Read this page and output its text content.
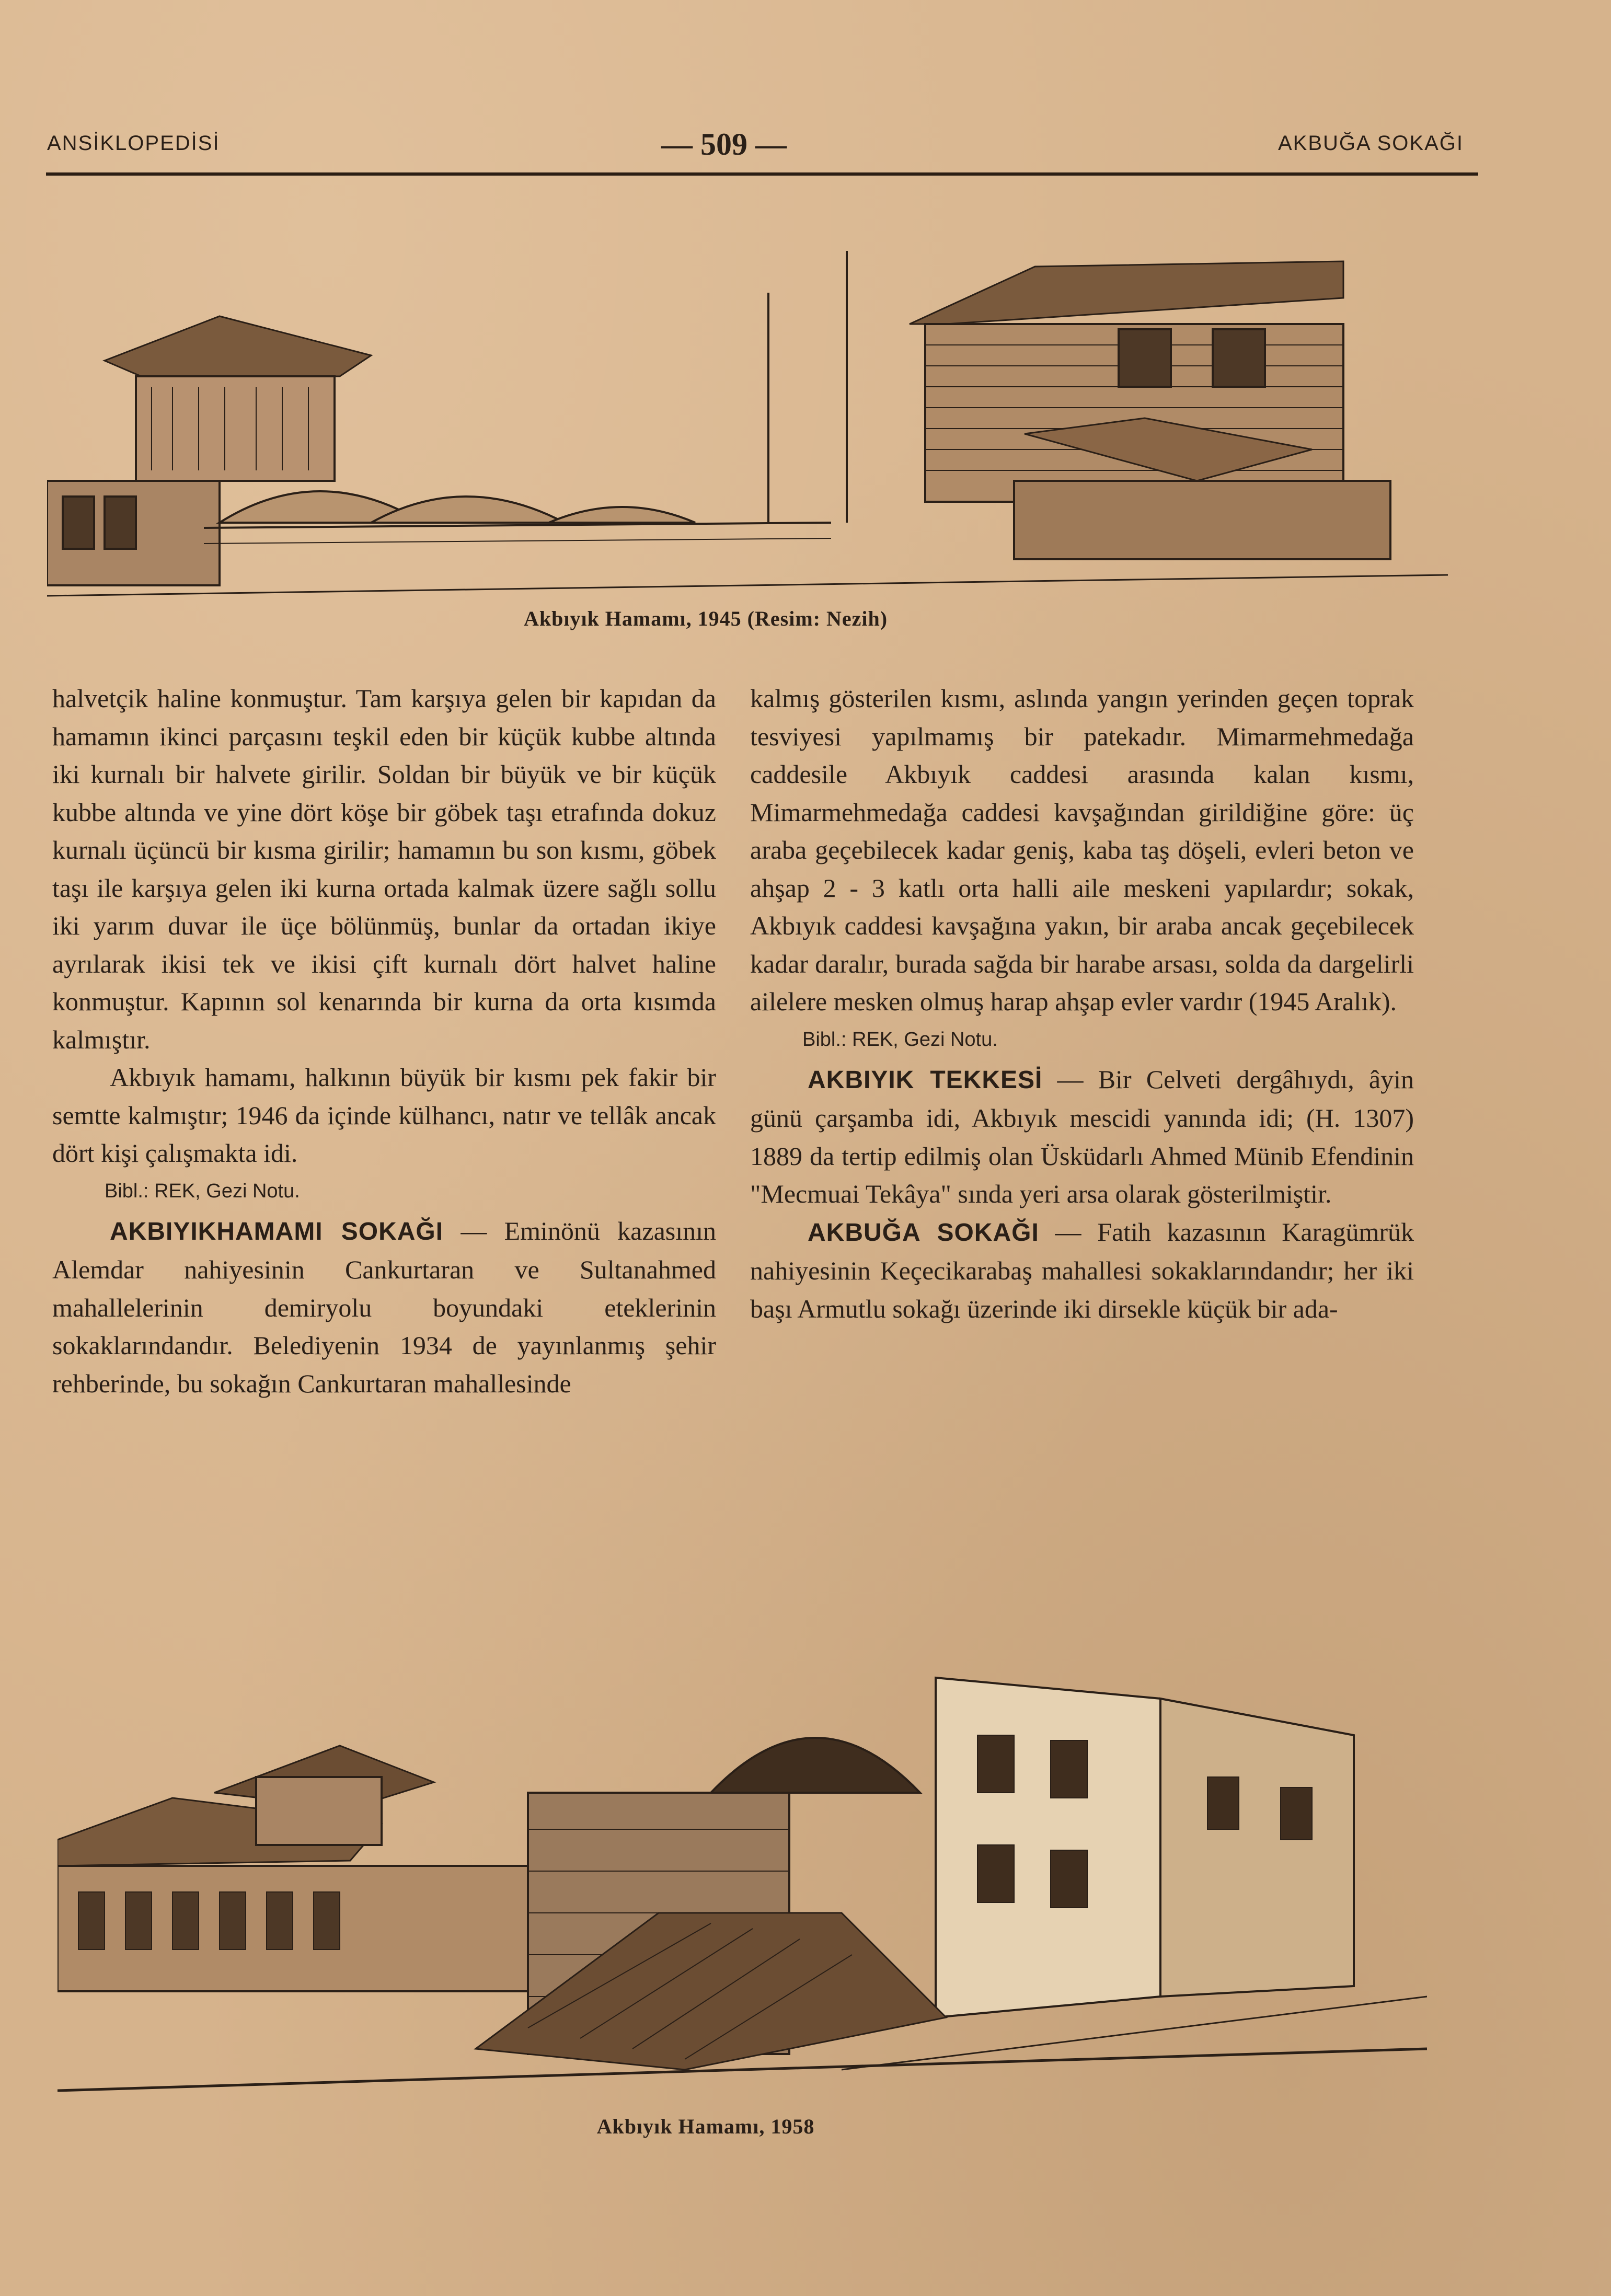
ANSİKLOPEDİSİ	— 509 —	AKBUĞA SOKAĞI
Akbıyık Hamamı, 1945 (Resim: Nezih)

halvetçik haline konmuştur. Tam karşıya gelen bir kapıdan da hamamın ikinci parçasını teşkil eden bir küçük kubbe altında iki kurnalı bir halvete girilir. Soldan bir büyük ve bir küçük kubbe altında ve yine dört köşe bir göbek taşı etrafında dokuz kurnalı üçüncü bir kısma girilir; hamamın bu son kısmı, göbek taşı ile karşıya gelen iki kurna ortada kalmak üzere sağlı sollu iki yarım duvar ile üçe bölünmüş, bunlar da ortadan ikiye ayrılarak ikisi tek ve ikisi çift kurnalı dört halvet haline konmuştur. Kapının sol kenarında bir kurna da orta kısımda kalmıştır.

Akbıyık hamamı, halkının büyük bir kısmı pek fakir bir semtte kalmıştır; 1946 da içinde külhancı, natır ve tellâk ancak dört kişi çalışmakta idi.

Bibl.: REK, Gezi Notu.

AKBIYIKHAMAMI SOKAĞI — Eminönü kazasının Alemdar nahiyesinin Cankurtaran ve Sultanahmed mahallelerinin demiryolu boyundaki eteklerinin sokaklarındandır. Belediyenin 1934 de yayınlanmış şehir rehberinde, bu sokağın Cankurtaran mahallesinde

kalmış gösterilen kısmı, aslında yangın yerinden geçen toprak tesviyesi yapılmamış bir patekadır. Mimarmehmedağa caddesile Akbıyık caddesi arasında kalan kısmı, Mimarmehmedağa caddesi kavşağından girildiğine göre: üç araba geçebilecek kadar geniş, kaba taş döşeli, evleri beton ve ahşap 2 - 3 katlı orta halli aile meskeni yapılardır; sokak, Akbıyık caddesi kavşağına yakın, bir araba ancak geçebilecek kadar daralır, burada sağda bir harabe arsası, solda da dargelirli ailelere mesken olmuş harap ahşap evler vardır (1945 Aralık).

Bibl.: REK, Gezi Notu.

AKBIYIK TEKKESİ — Bir Celveti dergâhıydı, âyin günü çarşamba idi, Akbıyık mescidi yanında idi; (H. 1307) 1889 da tertip edilmiş olan Üsküdarlı Ahmed Münib Efendinin "Mecmuai Tekâya" sında yeri arsa olarak gösterilmiştir.

AKBUĞA SOKAĞI — Fatih kazasının Karagümrük nahiyesinin Keçecikarabaş mahallesi sokaklarındandır; her iki başı Armutlu sokağı üzerinde iki dirsekle küçük bir ada-

Akbıyık Hamamı, 1958
